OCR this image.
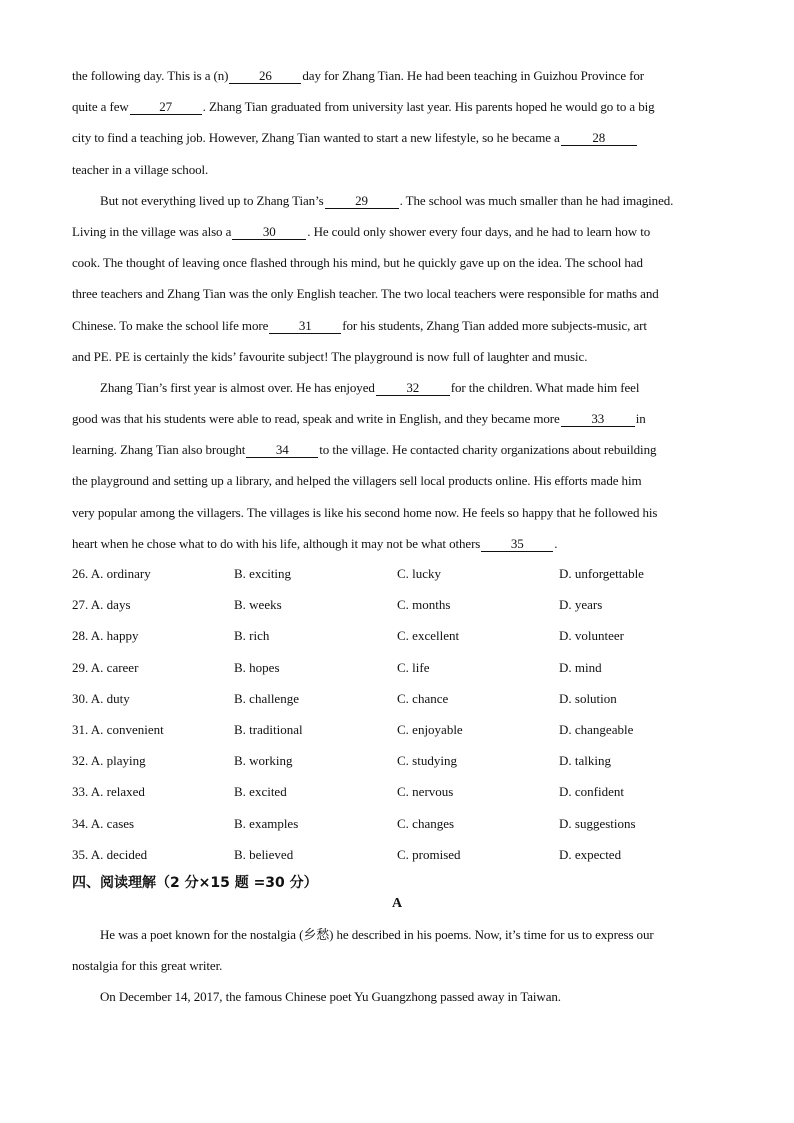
the following day. This is a (n) 26 day for Zhang Tian. He had been teaching in Guizhou Province for
quite a few 27 . Zhang Tian graduated from university last year. His parents hoped he would go to a big
city to find a teaching job. However, Zhang Tian wanted to start a new lifestyle, so he became a	28
teacher in a village school.
But not everything lived up to Zhang Tian’s 29 . The school was much smaller than he had imagined.
Living in the village was also a 30 . He could only shower every four days, and he had to learn how to
cook. The thought of leaving once flashed through his mind, but he quickly gave up on the idea. The school had
three teachers and Zhang Tian was the only English teacher. The two local teachers were responsible for maths and
Chinese. To make the school life more 31 for his students, Zhang Tian added more subjects-music, art
and PE. PE is certainly the kids’ favourite subject! The playground is now full of laughter and music.
Zhang Tian’s first year is almost over. He has enjoyed 32 for the children. What made him feel
good was that his students were able to read, speak and write in English, and they became more 33 in
learning. Zhang Tian also brought 34 to the village. He contacted charity organizations about rebuilding
the playground and setting up a library, and helped the villagers sell local products online. His efforts made him
very popular among the villagers. The villages is like his second home now. He feels so happy that he followed his
heart when he chose what to do with his life, although it may not be what others 35 .
26. A. ordinary	B. exciting	C. lucky	D. unforgettable
27. A. days	B. weeks	C. months	D. years
28. A. happy	B. rich	C. excellent	D. volunteer
29. A. career	B. hopes	C. life	D. mind
30. A. duty	B. challenge	C. chance	D. solution
31. A. convenient	B. traditional	C. enjoyable	D. changeable
32. A. playing	B. working	C. studying	D. talking
33. A. relaxed	B. excited	C. nervous	D. confident
34. A. cases	B. examples	C. changes	D. suggestions
35. A. decided	B. believed	C. promised	D. expected
四、阅读理解（2 分×15 题 =30 分）
A
He was a poet known for the nostalgia (乡愁) he described in his poems. Now, it’s time for us to express our
nostalgia for this great writer.
On December 14, 2017, the famous Chinese poet Yu Guangzhong passed away in Taiwan.
